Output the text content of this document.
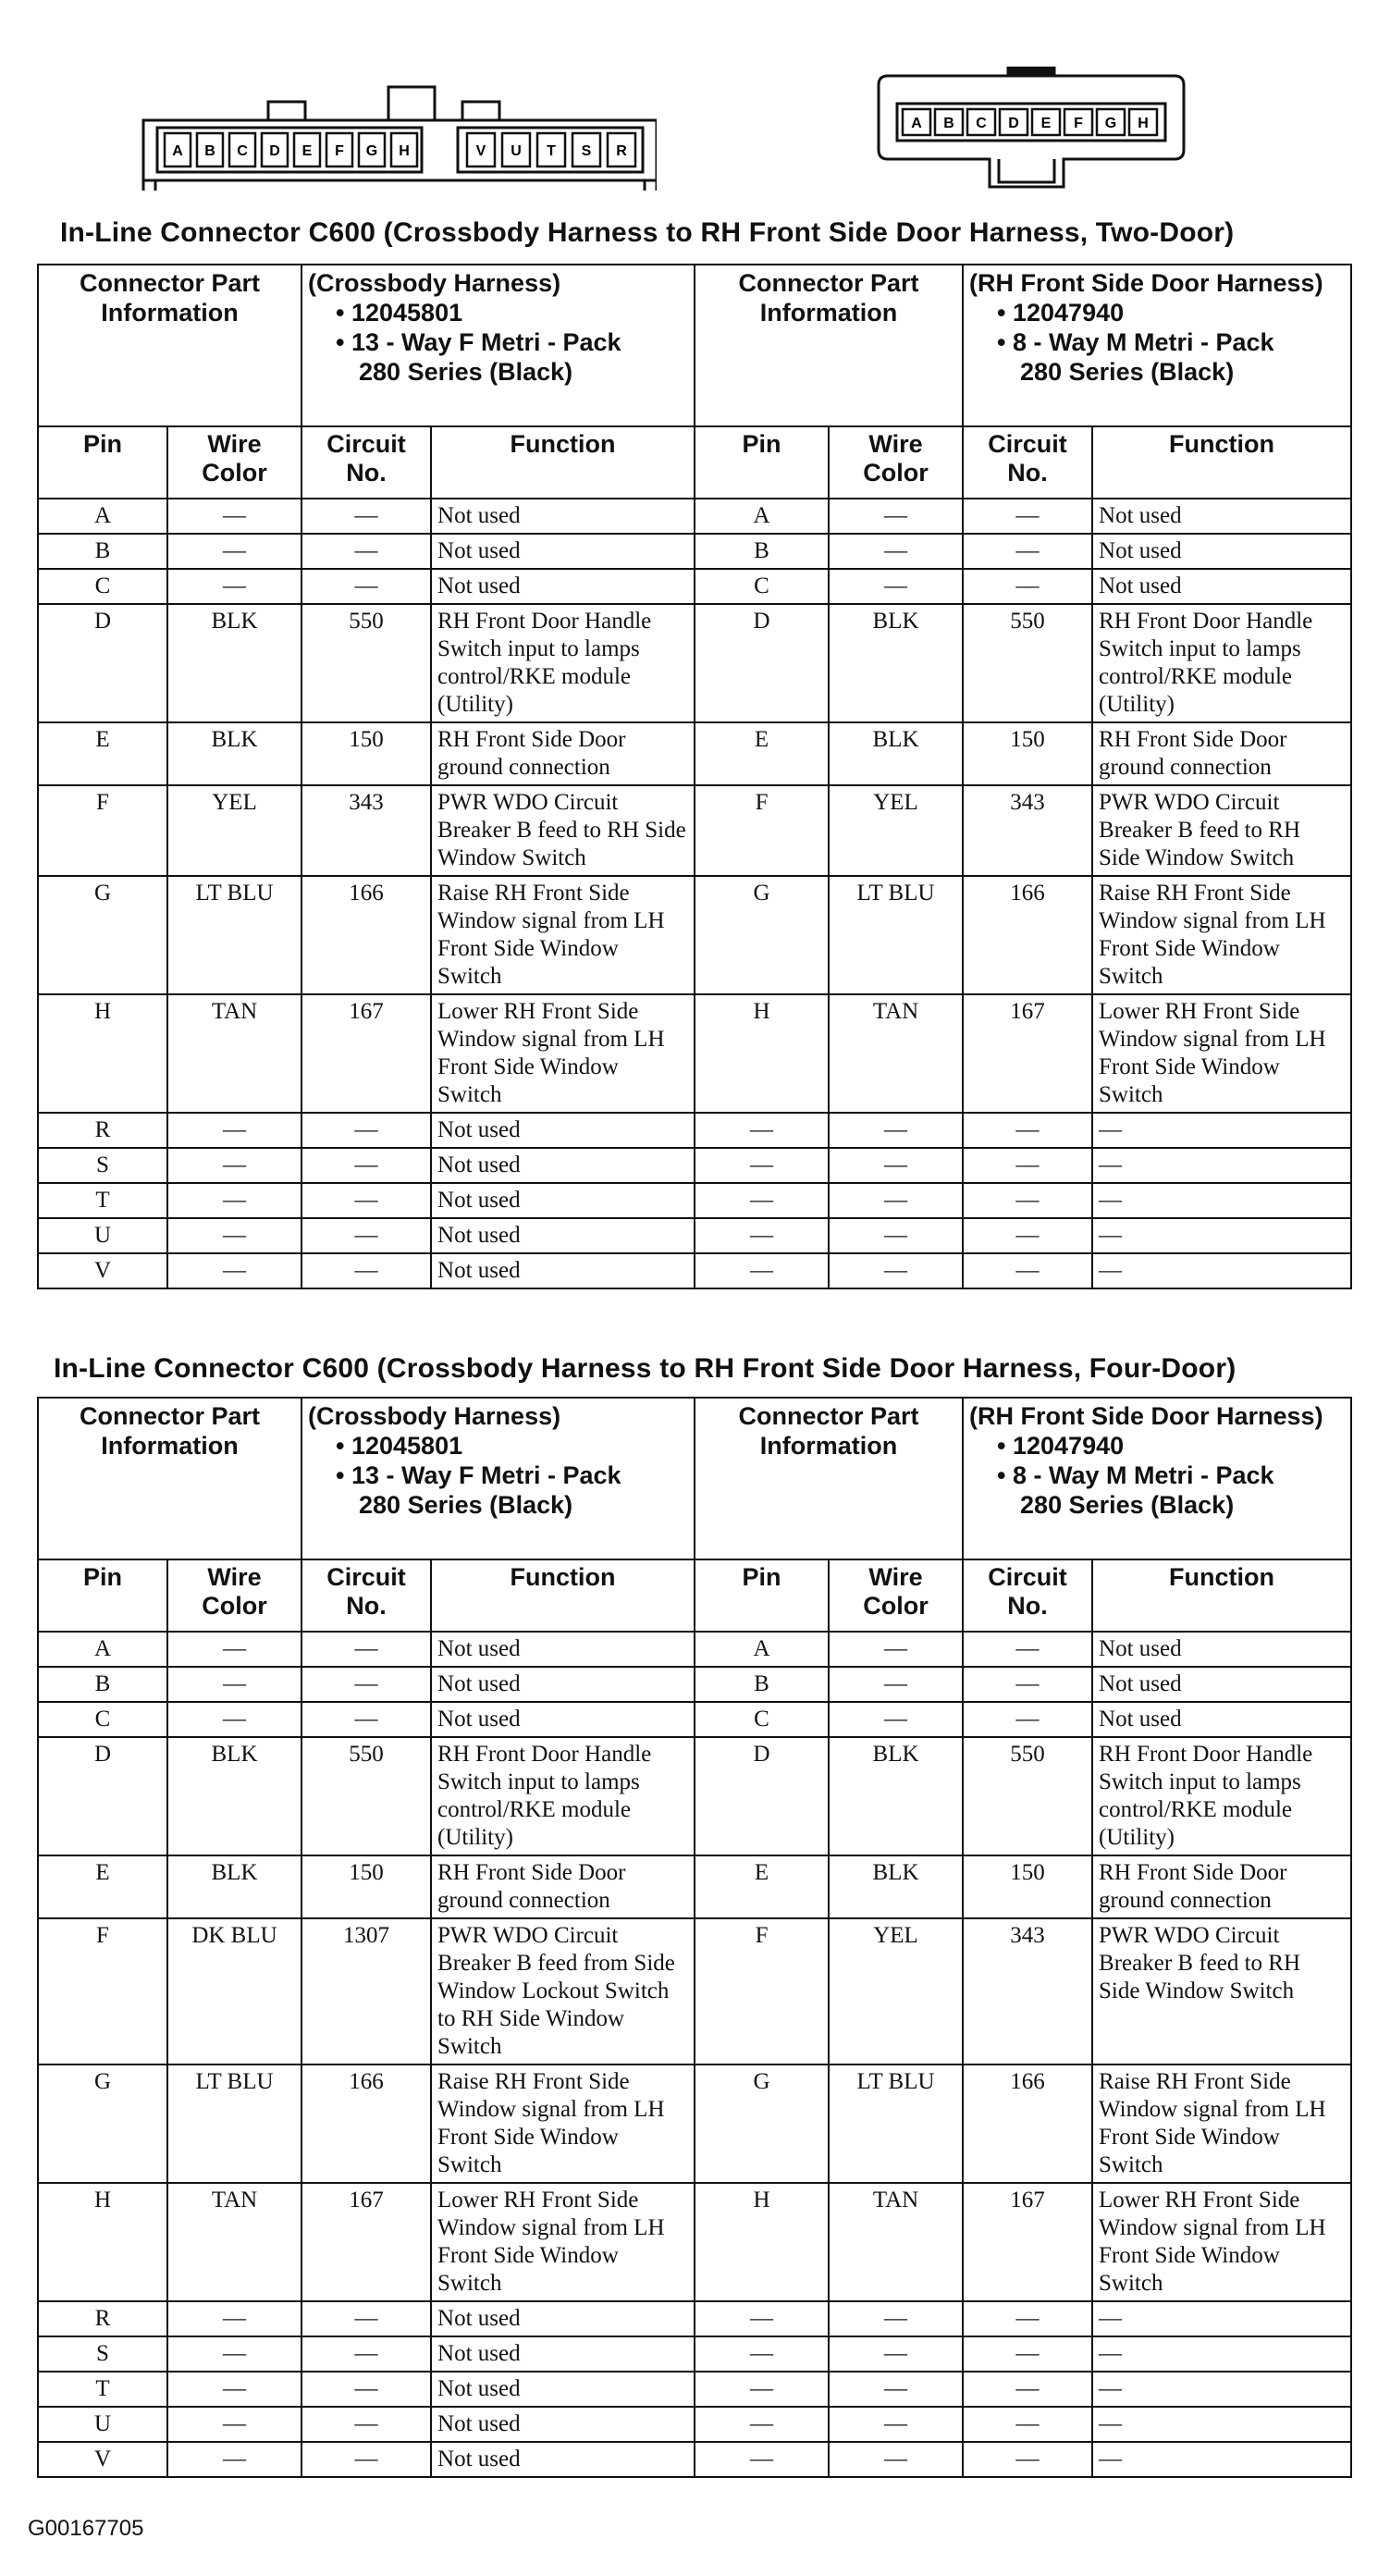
A B C D E F G H	V U T S R
A B C D E F G H
In-Line Connector C600 (Crossbody Harness to RH Front Side Door Harness, Two-Door)
Connector Part Information		(Crossbody Harness)
• 12045801
• 13 - Way F Metri - Pack
280 Series (Black)		Connector Part Information		(RH Front Side Door Harness)
• 12047940
• 8 - Way M Metri - Pack
280 Series (Black)	

Pin	Wire Color	Circuit No.	Function	Pin	Wire Color	Circuit No.	Function
A	—	—	Not used	A	—	—	Not used
B	—	—	Not used	B	—	—	Not used
C	—	—	Not used	C	—	—	Not used
D	BLK	550	RH Front Door Handle Switch input to lamps control/RKE module (Utility)	D	BLK	550	RH Front Door Handle Switch input to lamps control/RKE module (Utility)
E	BLK	150	RH Front Side Door ground connection	E	BLK	150	RH Front Side Door ground connection
F	YEL	343	PWR WDO Circuit Breaker B feed to RH Side Window Switch	F	YEL	343	PWR WDO Circuit Breaker B feed to RH Side Window Switch
G	LT BLU	166	Raise RH Front Side Window signal from LH Front Side Window Switch	G	LT BLU	166	Raise RH Front Side Window signal from LH Front Side Window Switch
H	TAN	167	Lower RH Front Side Window signal from LH Front Side Window Switch	H	TAN	167	Lower RH Front Side Window signal from LH Front Side Window Switch
R	—	—	Not used	—	—	—	—
S	—	—	Not used	—	—	—	—
T	—	—	Not used	—	—	—	—
U	—	—	Not used	—	—	—	—
V	—	—	Not used	—	—	—	—
In-Line Connector C600 (Crossbody Harness to RH Front Side Door Harness, Four-Door)
Connector Part Information		(Crossbody Harness)
• 12045801
• 13 - Way F Metri - Pack
280 Series (Black)		Connector Part Information		(RH Front Side Door Harness)
• 12047940
• 8 - Way M Metri - Pack
280 Series (Black)	

Pin	Wire Color	Circuit No.	Function	Pin	Wire Color	Circuit No.	Function
A	—	—	Not used	A	—	—	Not used
B	—	—	Not used	B	—	—	Not used
C	—	—	Not used	C	—	—	Not used
D	BLK	550	RH Front Door Handle Switch input to lamps control/RKE module (Utility)	D	BLK	550	RH Front Door Handle Switch input to lamps control/RKE module (Utility)
E	BLK	150	RH Front Side Door ground connection	E	BLK	150	RH Front Side Door ground connection
F	DK BLU	1307	PWR WDO Circuit Breaker B feed from Side Window Lockout Switch to RH Side Window Switch	F	YEL	343	PWR WDO Circuit Breaker B feed to RH Side Window Switch
G	LT BLU	166	Raise RH Front Side Window signal from LH Front Side Window Switch	G	LT BLU	166	Raise RH Front Side Window signal from LH Front Side Window Switch
H	TAN	167	Lower RH Front Side Window signal from LH Front Side Window Switch	H	TAN	167	Lower RH Front Side Window signal from LH Front Side Window Switch
R	—	—	Not used	—	—	—	—
S	—	—	Not used	—	—	—	—
T	—	—	Not used	—	—	—	—
U	—	—	Not used	—	—	—	—
V	—	—	Not used	—	—	—	—
G00167705
